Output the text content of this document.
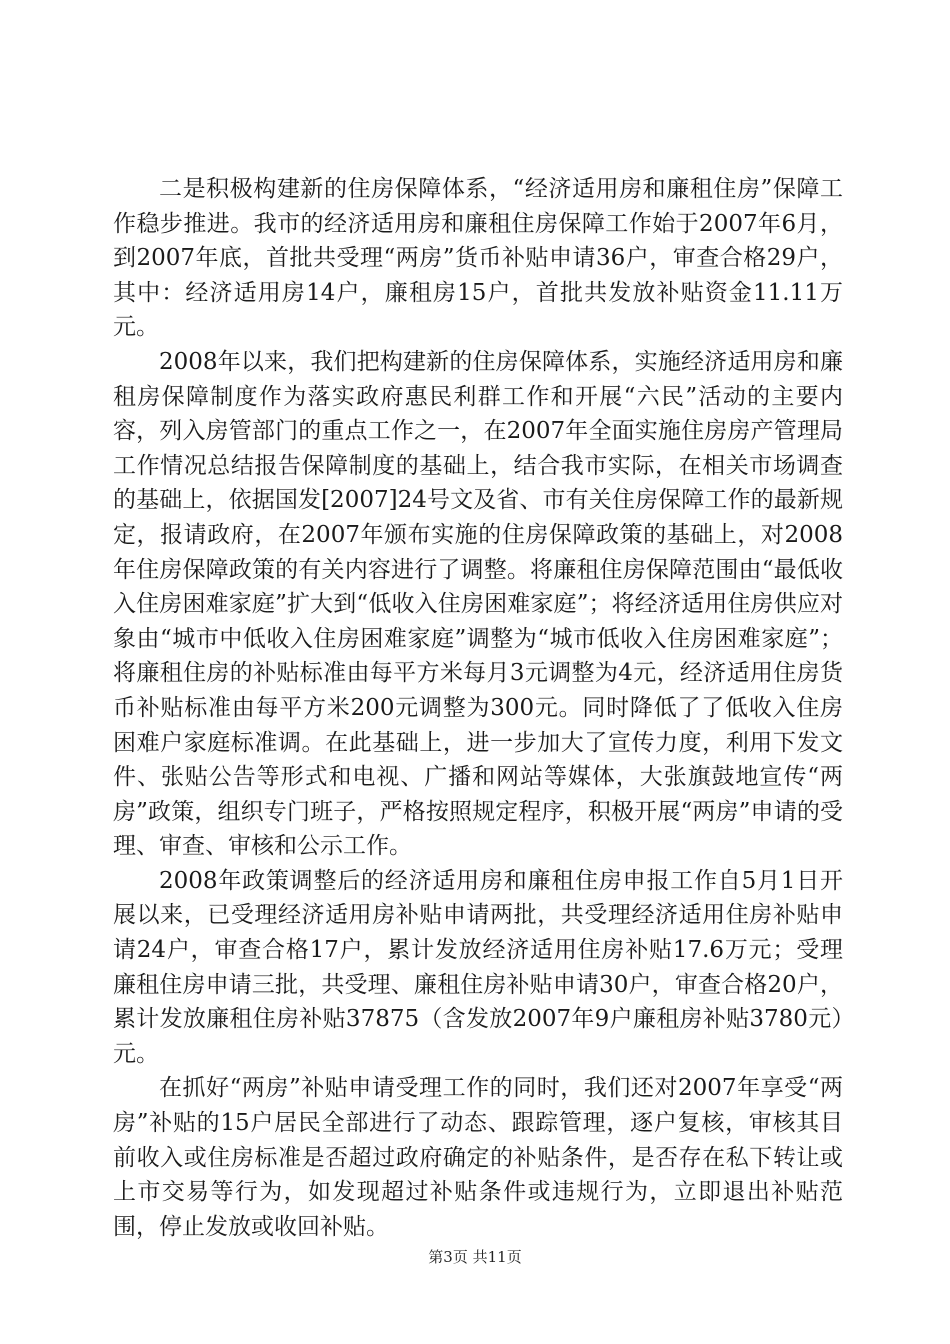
二是积极构建新的住房保障体系，“经济适用房和廉租住房”保障工作稳步推进。我市的经济适用房和廉租住房保障工作始于2007年6月，到2007年底，首批共受理“两房”货币补贴申请36户，审查合格29户，其中：经济适用房14户，廉租房15户，首批共发放补贴资金11.11万元。

2008年以来，我们把构建新的住房保障体系，实施经济适用房和廉租房保障制度作为落实政府惠民利群工作和开展“六民”活动的主要内容，列入房管部门的重点工作之一，在2007年全面实施住房房产管理局工作情况总结报告保障制度的基础上，结合我市实际，在相关市场调查的基础上，依据国发[2007]24号文及省、市有关住房保障工作的最新规定，报请政府，在2007年颁布实施的住房保障政策的基础上，对2008年住房保障政策的有关内容进行了调整。将廉租住房保障范围由“最低收入住房困难家庭”扩大到“低收入住房困难家庭”；将经济适用住房供应对象由“城市中低收入住房困难家庭”调整为“城市低收入住房困难家庭”；将廉租住房的补贴标准由每平方米每月3元调整为4元，经济适用住房货币补贴标准由每平方米200元调整为300元。同时降低了了低收入住房困难户家庭标准调。在此基础上，进一步加大了宣传力度，利用下发文件、张贴公告等形式和电视、广播和网站等媒体，大张旗鼓地宣传“两房”政策，组织专门班子，严格按照规定程序，积极开展“两房”申请的受理、审查、审核和公示工作。

2008年政策调整后的经济适用房和廉租住房申报工作自5月1日开展以来，已受理经济适用房补贴申请两批，共受理经济适用住房补贴申请24户，审查合格17户，累计发放经济适用住房补贴17.6万元；受理廉租住房申请三批，共受理、廉租住房补贴申请30户，审查合格20户，累计发放廉租住房补贴37875（含发放2007年9户廉租房补贴3780元）元。

在抓好“两房”补贴申请受理工作的同时，我们还对2007年享受“两房”补贴的15户居民全部进行了动态、跟踪管理，逐户复核，审核其目前收入或住房标准是否超过政府确定的补贴条件，是否存在私下转让或上市交易等行为，如发现超过补贴条件或违规行为，立即退出补贴范围，停止发放或收回补贴。

第3页 共11页
